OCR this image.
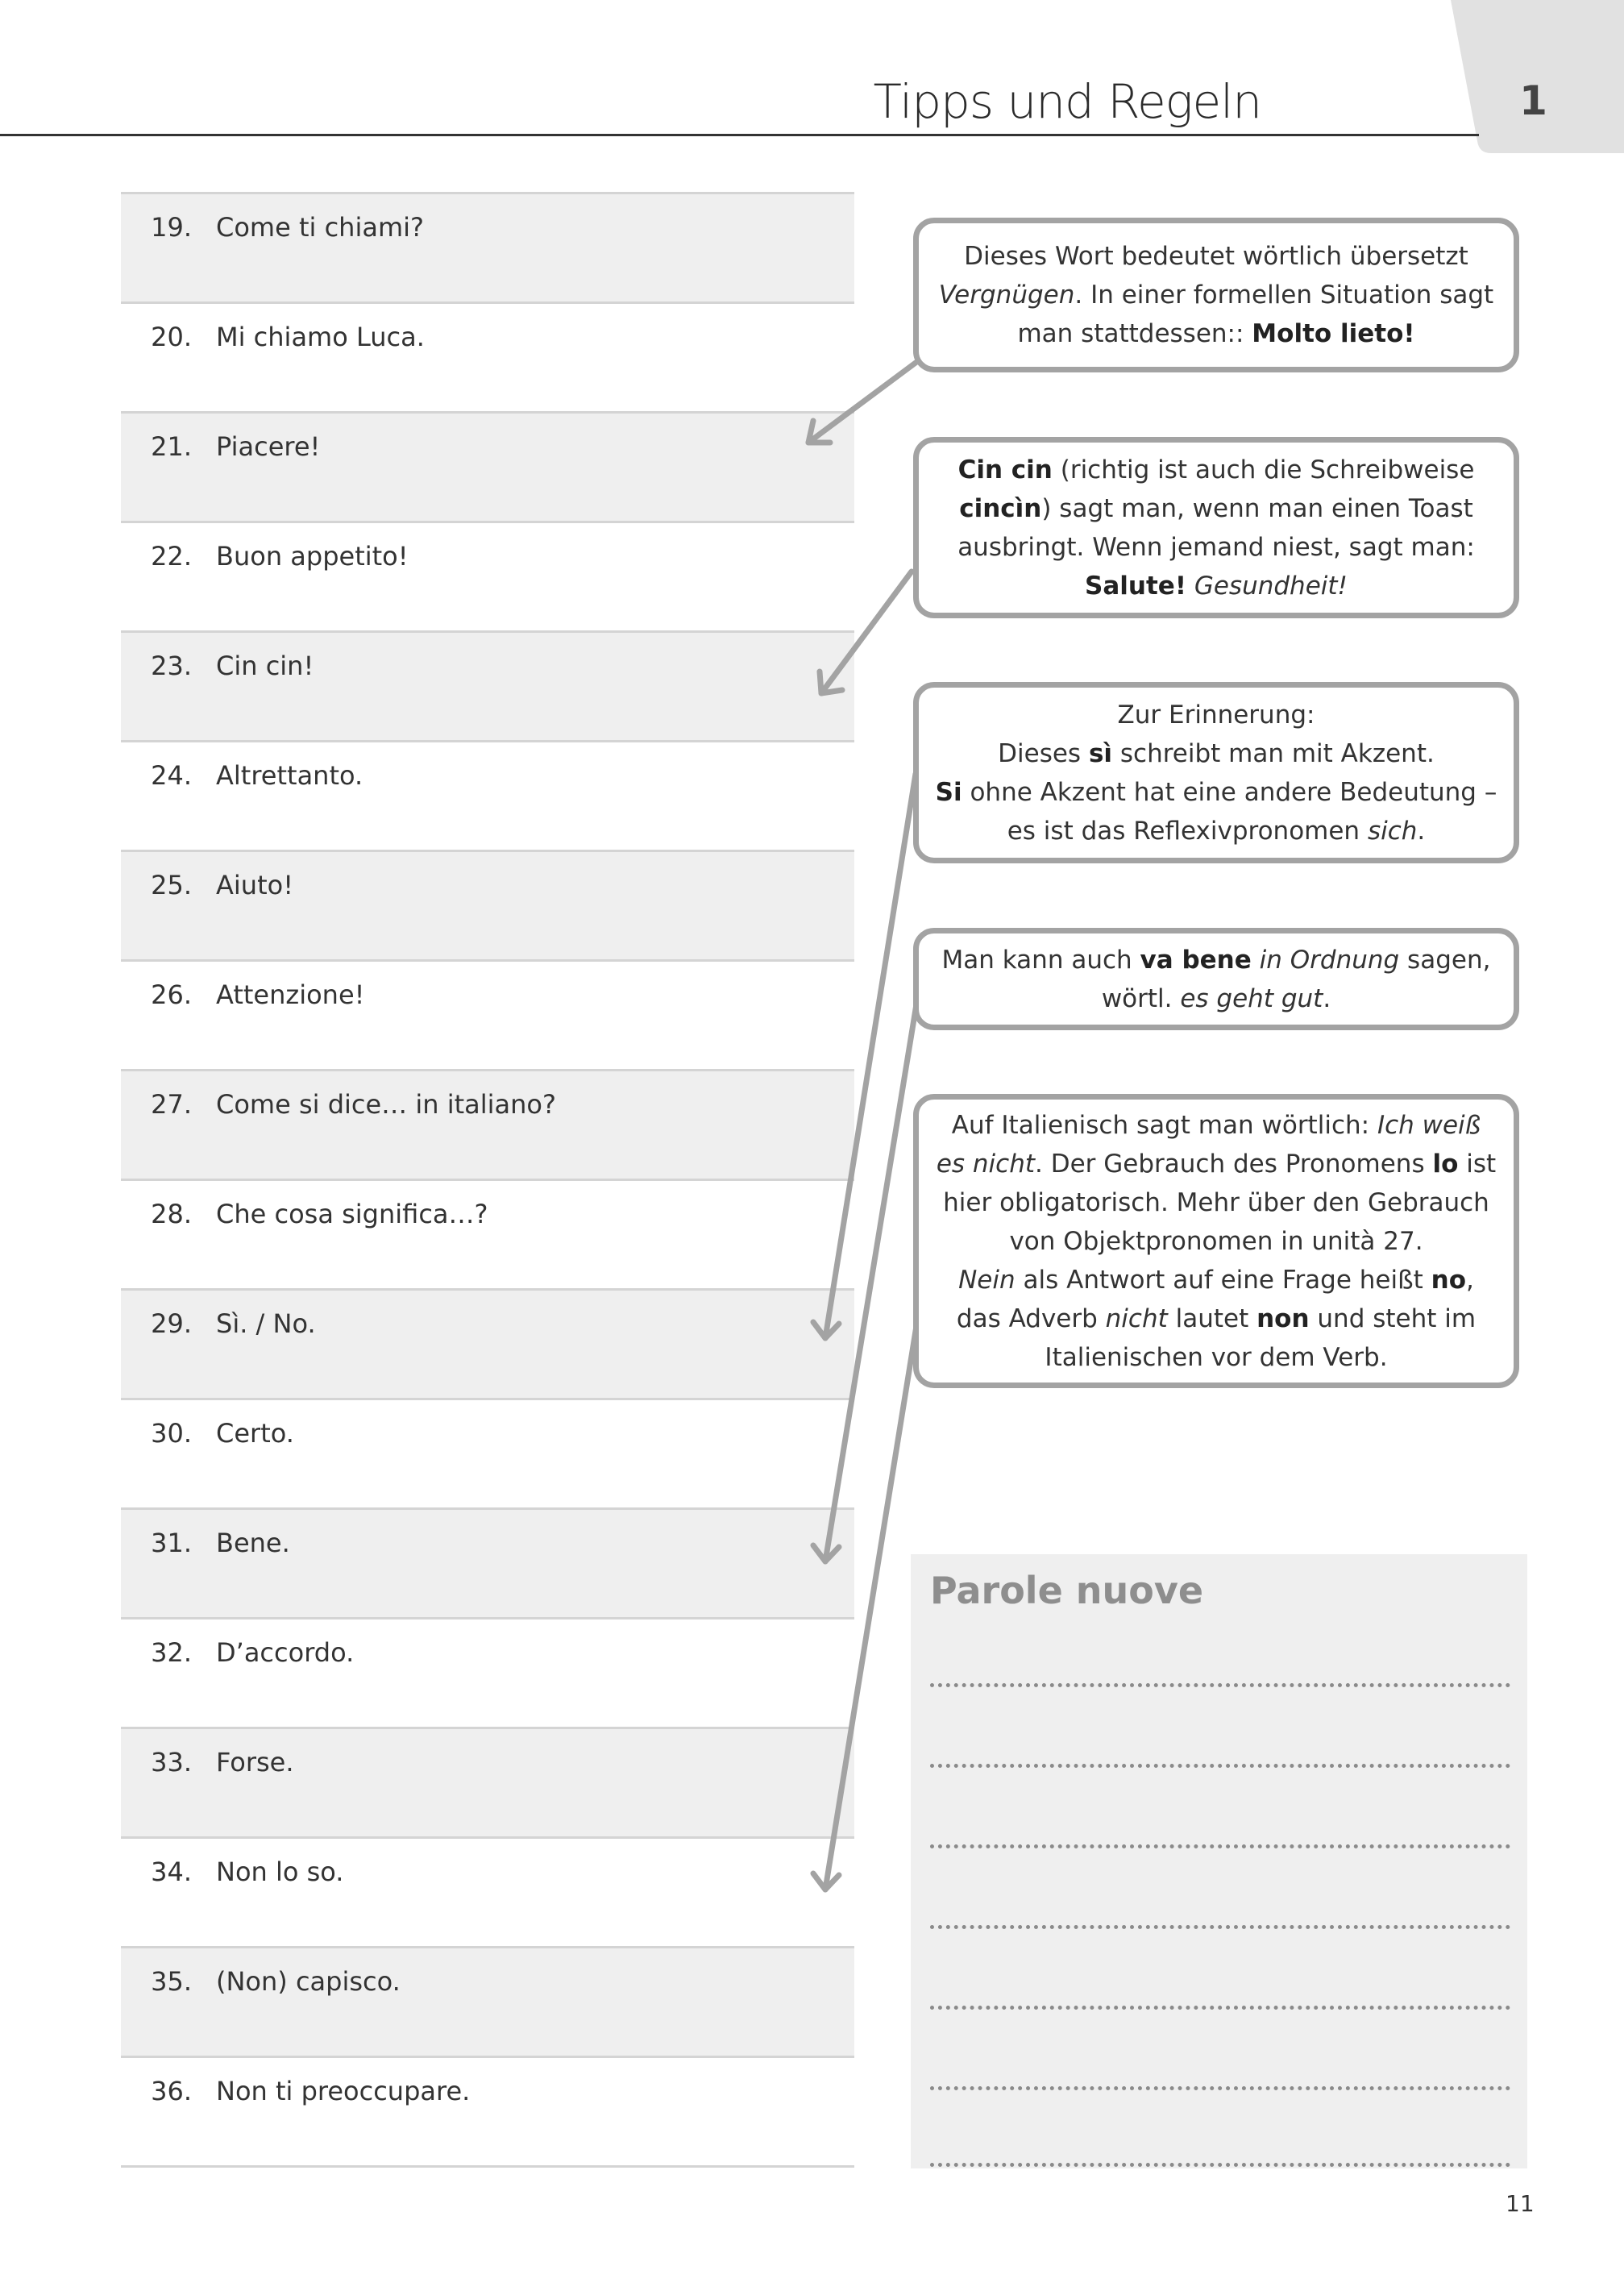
Tipps und Regeln	1
19. Come ti chiami?
20. Mi chiamo Luca.
21. Piacere!
22. Buon appetito!
23. Cin cin!
24. Altrettanto.
25. Aiuto!
26. Attenzione!
27. Come si dice… in italiano?
28. Che cosa significa…?
29. Sì. / No.
30. Certo.
31. Bene.
32. D’accordo.
33. Forse.
34. Non lo so.
35. (Non) capisco.
36. Non ti preoccupare.

Dieses Wort bedeutet wörtlich übersetzt Vergnügen. In einer formellen Situation sagt man stattdessen:: Molto lieto!

Cin cin (richtig ist auch die Schreibweise cincìn) sagt man, wenn man einen Toast ausbringt. Wenn jemand niest, sagt man: Salute! Gesundheit!

Zur Erinnerung:
Dieses sì schreibt man mit Akzent.
Si ohne Akzent hat eine andere Bedeutung – es ist das Reflexivpronomen sich.

Man kann auch va bene in Ordnung sagen, wörtl. es geht gut.

Auf Italienisch sagt man wörtlich: Ich weiß es nicht. Der Gebrauch des Pronomens lo ist hier obligatorisch. Mehr über den Gebrauch von Objektpronomen in unità 27.
Nein als Antwort auf eine Frage heißt no, das Adverb nicht lautet non und steht im Italienischen vor dem Verb.

Parole nuove
11
